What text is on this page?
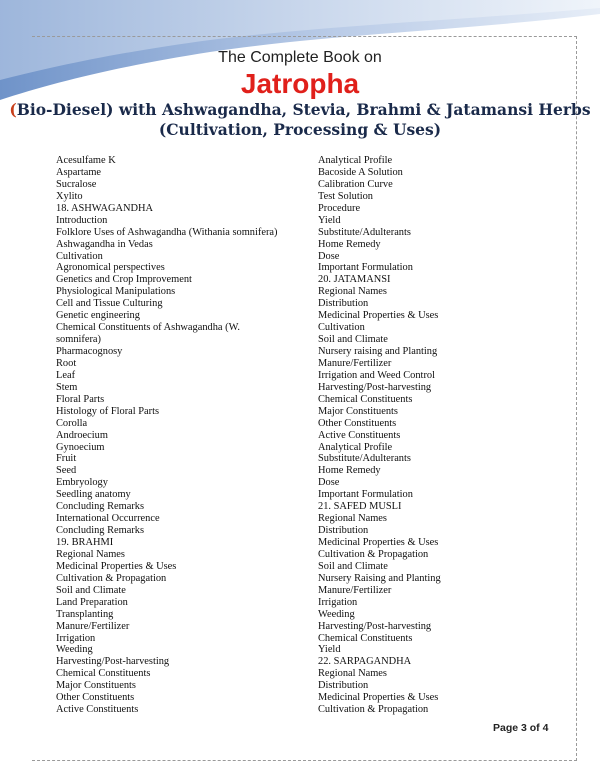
The Complete Book on
Jatropha
(Bio-Diesel) with Ashwagandha, Stevia, Brahmi & Jatamansi Herbs
(Cultivation, Processing & Uses)
Acesulfame K
Aspartame
Sucralose
Xylito
18. ASHWAGANDHA
Introduction
Folklore Uses of Ashwagandha (Withania somnifera)
Ashwagandha in Vedas
Cultivation
Agronomical perspectives
Genetics and Crop Improvement
Physiological Manipulations
Cell and Tissue Culturing
Genetic engineering
Chemical Constituents of Ashwagandha (W.
somnifera)
Pharmacognosy
Root
Leaf
Stem
Floral Parts
Histology of Floral Parts
Corolla
Androecium
Gynoecium
Fruit
Seed
Embryology
Seedling anatomy
Concluding Remarks
International Occurrence
Concluding Remarks
19. BRAHMI
Regional Names
Medicinal Properties & Uses
Cultivation & Propagation
Soil and Climate
Land Preparation
Transplanting
Manure/Fertilizer
Irrigation
Weeding
Harvesting/Post-harvesting
Chemical Constituents
Major Constituents
Other Constituents
Active Constituents
Analytical Profile
Bacoside A Solution
Calibration Curve
Test Solution
Procedure
Yield
Substitute/Adulterants
Home Remedy
Dose
Important Formulation
20. JATAMANSI
Regional Names
Distribution
Medicinal Properties & Uses
Cultivation
Soil and Climate
Nursery raising and Planting
Manure/Fertilizer
Irrigation and Weed Control
Harvesting/Post-harvesting
Chemical Constituents
Major Constituents
Other Constituents
Active Constituents
Analytical Profile
Substitute/Adulterants
Home Remedy
Dose
Important Formulation
21. SAFED MUSLI
Regional Names
Distribution
Medicinal Properties & Uses
Cultivation & Propagation
Soil and Climate
Nursery Raising and Planting
Manure/Fertilizer
Irrigation
Weeding
Harvesting/Post-harvesting
Chemical Constituents
Yield
22. SARPAGANDHA
Regional Names
Distribution
Medicinal Properties & Uses
Cultivation & Propagation
Page 3 of 4
